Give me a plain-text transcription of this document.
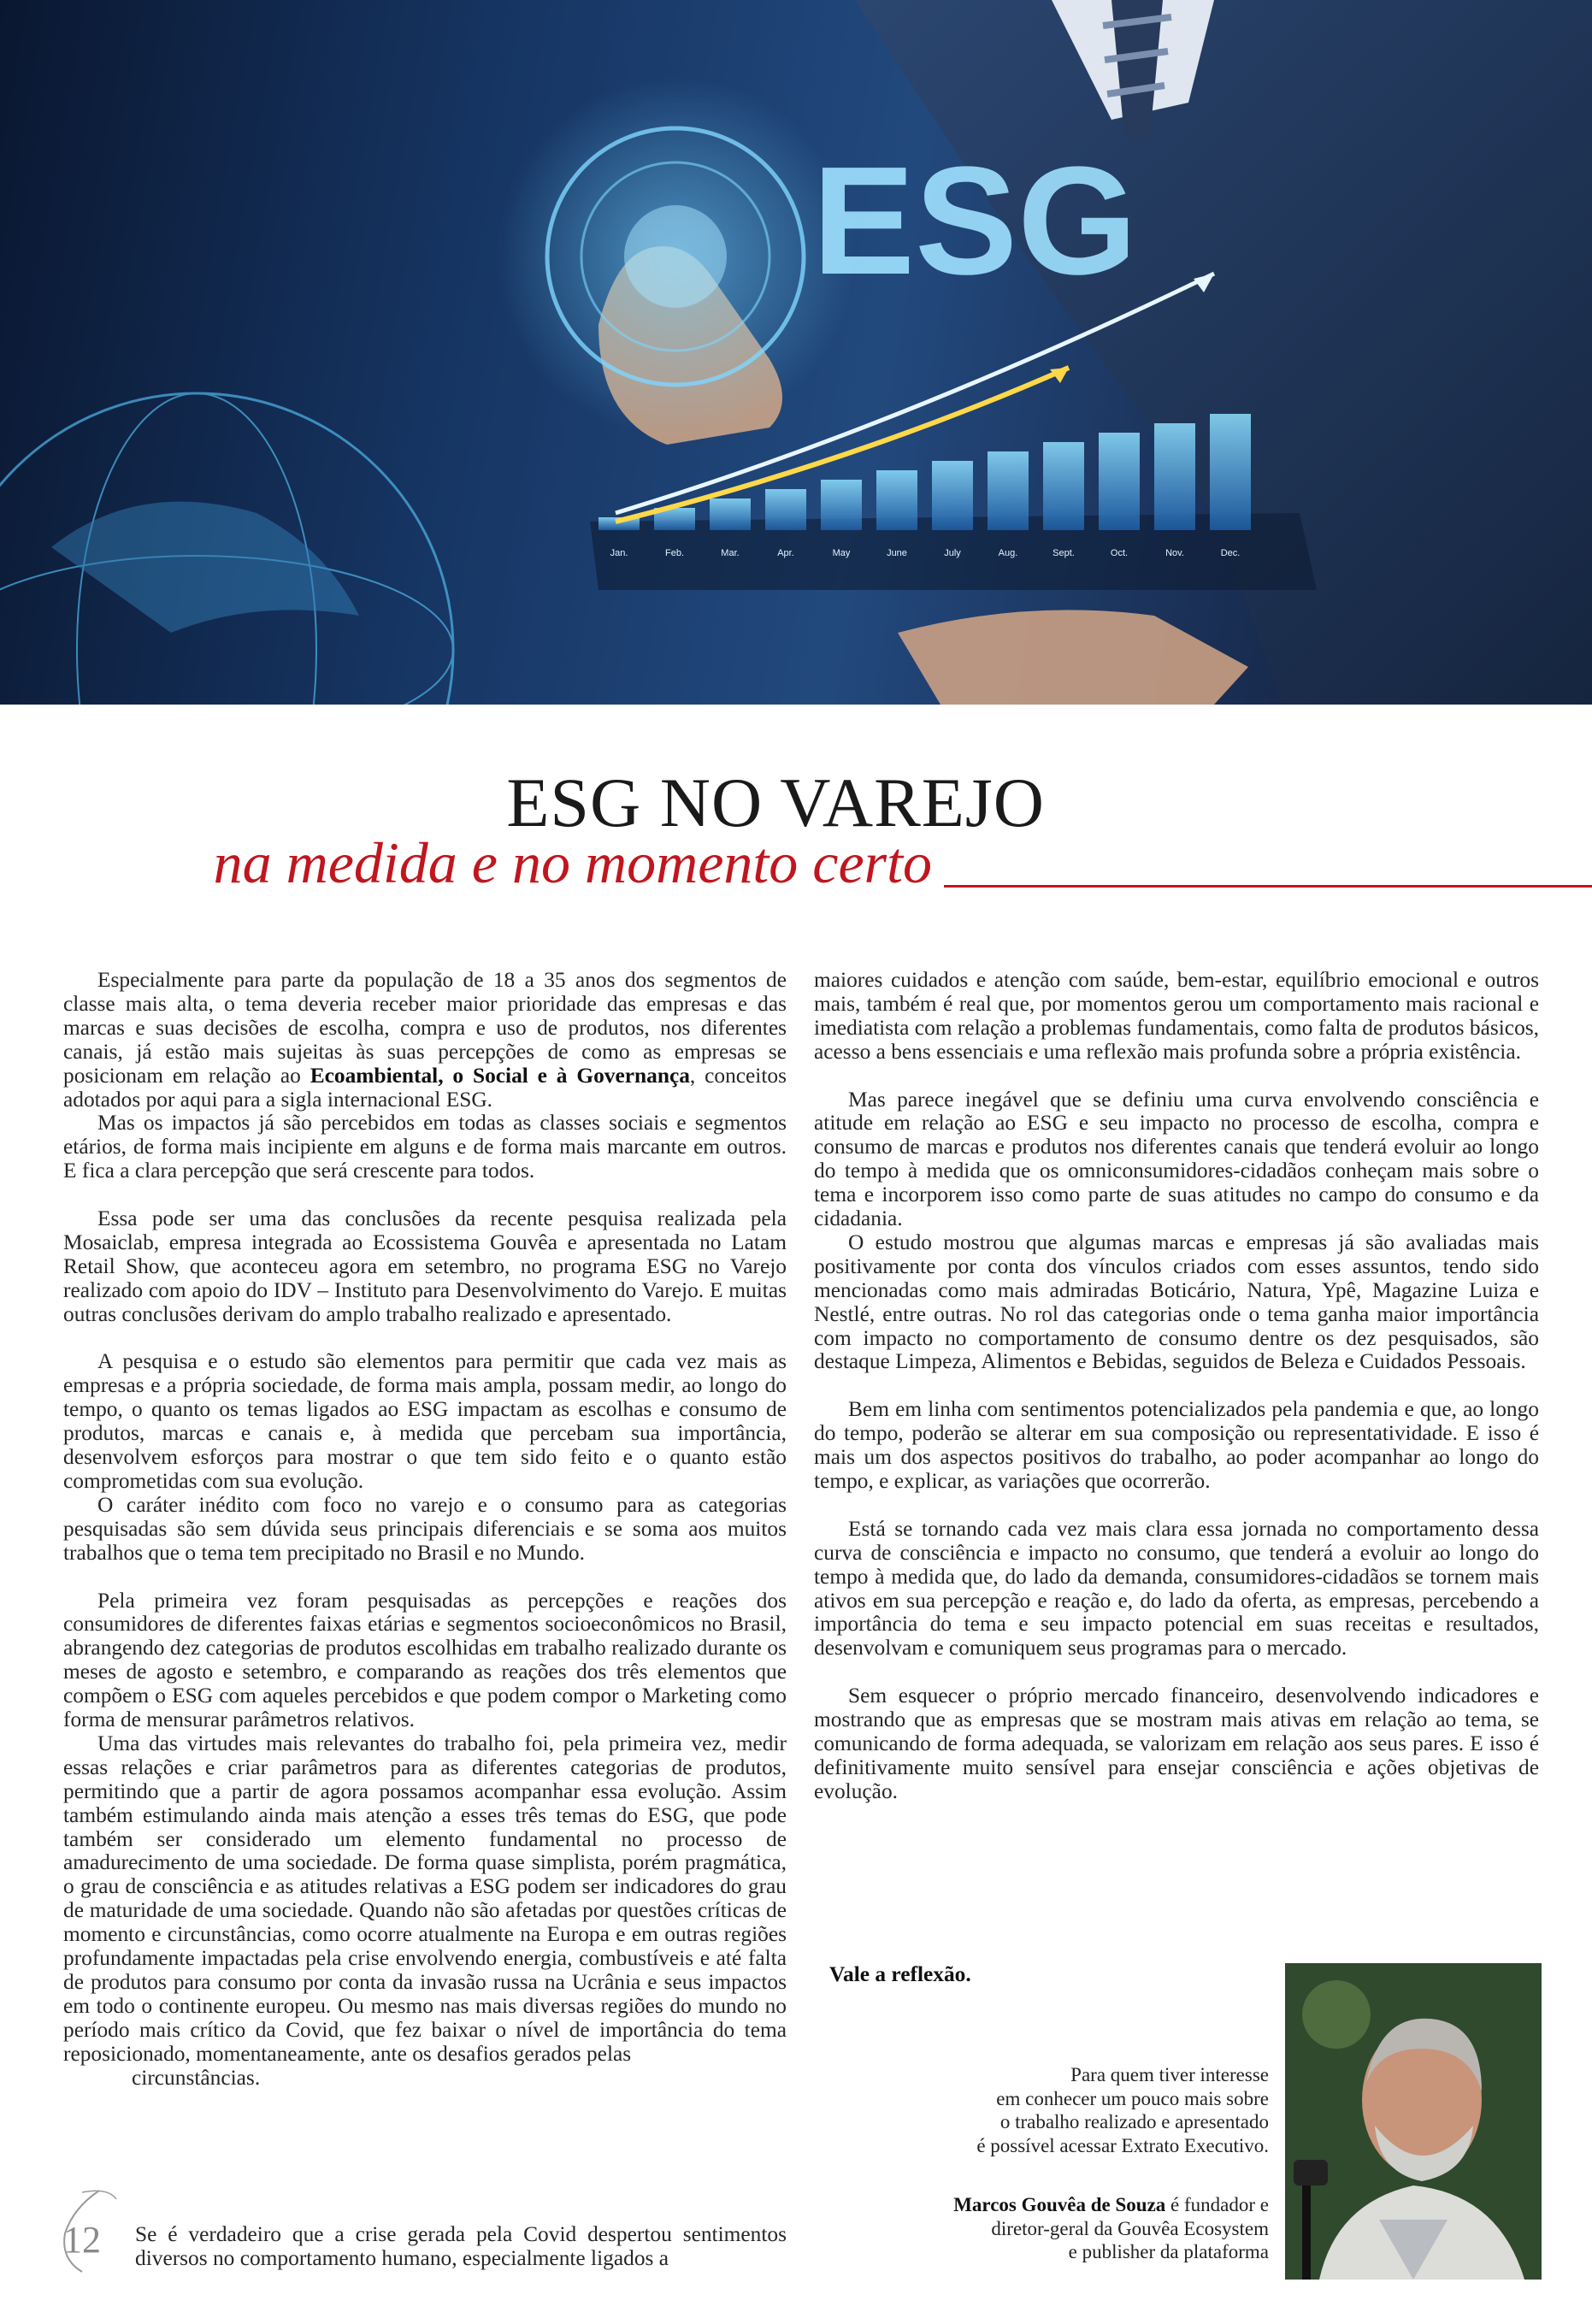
ESG
Jan.	Feb.	Mar.	Apr.	May	June	July	Aug.	Sept.	Oct.	Nov.	Dec.
ESG NO VAREJO
na medida e no momento certo

Especialmente para parte da população de 18 a 35 anos dos segmentos de classe mais alta, o tema deveria receber maior prioridade das empresas e das marcas e suas decisões de escolha, compra e uso de produtos, nos diferentes canais, já estão mais sujeitas às suas percepções de como as empresas se posicionam em relação ao Ecoambiental, o Social e à Governança, conceitos adotados por aqui para a sigla internacional ESG.

Mas os impactos já são percebidos em todas as classes sociais e segmentos etários, de forma mais incipiente em alguns e de forma mais marcante em outros. E fica a clara percepção que será crescente para todos.

Essa pode ser uma das conclusões da recente pesquisa realizada pela Mosaiclab, empresa integrada ao Ecossistema Gouvêa e apresentada no Latam Retail Show, que aconteceu agora em setembro, no programa ESG no Varejo realizado com apoio do IDV – Instituto para Desenvolvimento do Varejo. E muitas outras conclusões derivam do amplo trabalho realizado e apresentado.

A pesquisa e o estudo são elementos para permitir que cada vez mais as empresas e a própria sociedade, de forma mais ampla, possam medir, ao longo do tempo, o quanto os temas ligados ao ESG impactam as escolhas e consumo de produtos, marcas e canais e, à medida que percebam sua importância, desenvolvem esforços para mostrar o que tem sido feito e o quanto estão comprometidas com sua evolução.

O caráter inédito com foco no varejo e o consumo para as categorias pesquisadas são sem dúvida seus principais diferenciais e se soma aos muitos trabalhos que o tema tem precipitado no Brasil e no Mundo.

Pela primeira vez foram pesquisadas as percepções e reações dos consumidores de diferentes faixas etárias e segmentos socioeconômicos no Brasil, abrangendo dez categorias de produtos escolhidas em trabalho realizado durante os meses de agosto e setembro, e comparando as reações dos três elementos que compõem o ESG com aqueles percebidos e que podem compor o Marketing como forma de mensurar parâmetros relativos.

Uma das virtudes mais relevantes do trabalho foi, pela primeira vez, medir essas relações e criar parâmetros para as diferentes categorias de produtos, permitindo que a partir de agora possamos acompanhar essa evolução. Assim também estimulando ainda mais atenção a esses três temas do ESG, que pode também ser considerado um elemento fundamental no processo de amadurecimento de uma sociedade. De forma quase simplista, porém pragmática, o grau de consciência e as atitudes relativas a ESG podem ser indicadores do grau de maturidade de uma sociedade. Quando não são afetadas por questões críticas de momento e circunstâncias, como ocorre atualmente na Europa e em outras regiões profundamente impactadas pela crise envolvendo energia, combustíveis e até falta de produtos para consumo por conta da invasão russa na Ucrânia e seus impactos em todo o continente europeu. Ou mesmo nas mais diversas regiões do mundo no período mais crítico da Covid, que fez baixar o nível de importância do tema reposicionado, momentaneamente, ante os desafios gerados pelas

circunstâncias.

12 Se é verdadeiro que a crise gerada pela Covid despertou sentimentos diversos no comportamento humano, especialmente ligados a

maiores cuidados e atenção com saúde, bem-estar, equilíbrio emocional e outros mais, também é real que, por momentos gerou um comportamento mais racional e imediatista com relação a problemas fundamentais, como falta de produtos básicos, acesso a bens essenciais e uma reflexão mais profunda sobre a própria existência.

Mas parece inegável que se definiu uma curva envolvendo consciência e atitude em relação ao ESG e seu impacto no processo de escolha, compra e consumo de marcas e produtos nos diferentes canais que tenderá evoluir ao longo do tempo à medida que os omniconsumidores-cidadãos conheçam mais sobre o tema e incorporem isso como parte de suas atitudes no campo do consumo e da cidadania.

O estudo mostrou que algumas marcas e empresas já são avaliadas mais positivamente por conta dos vínculos criados com esses assuntos, tendo sido mencionadas como mais admiradas Boticário, Natura, Ypê, Magazine Luiza e Nestlé, entre outras. No rol das categorias onde o tema ganha maior importância com impacto no comportamento de consumo dentre os dez pesquisados, são destaque Limpeza, Alimentos e Bebidas, seguidos de Beleza e Cuidados Pessoais.

Bem em linha com sentimentos potencializados pela pandemia e que, ao longo do tempo, poderão se alterar em sua composição ou representatividade. E isso é mais um dos aspectos positivos do trabalho, ao poder acompanhar ao longo do tempo, e explicar, as variações que ocorrerão.

Está se tornando cada vez mais clara essa jornada no comportamento dessa curva de consciência e impacto no consumo, que tenderá a evoluir ao longo do tempo à medida que, do lado da demanda, consumidores-cidadãos se tornem mais ativos em sua percepção e reação e, do lado da oferta, as empresas, percebendo a importância do tema e seu impacto potencial em suas receitas e resultados, desenvolvam e comuniquem seus programas para o mercado.

Sem esquecer o próprio mercado financeiro, desenvolvendo indicadores e mostrando que as empresas que se mostram mais ativas em relação ao tema, se comunicando de forma adequada, se valorizam em relação aos seus pares. E isso é definitivamente muito sensível para ensejar consciência e ações objetivas de evolução.

Vale a reflexão.
Para quem tiver interesse
em conhecer um pouco mais sobre
o trabalho realizado e apresentado
é possível acessar Extrato Executivo.
Marcos Gouvêa de Souza é fundador e
diretor-geral da Gouvêa Ecosystem
e publisher da plataforma
